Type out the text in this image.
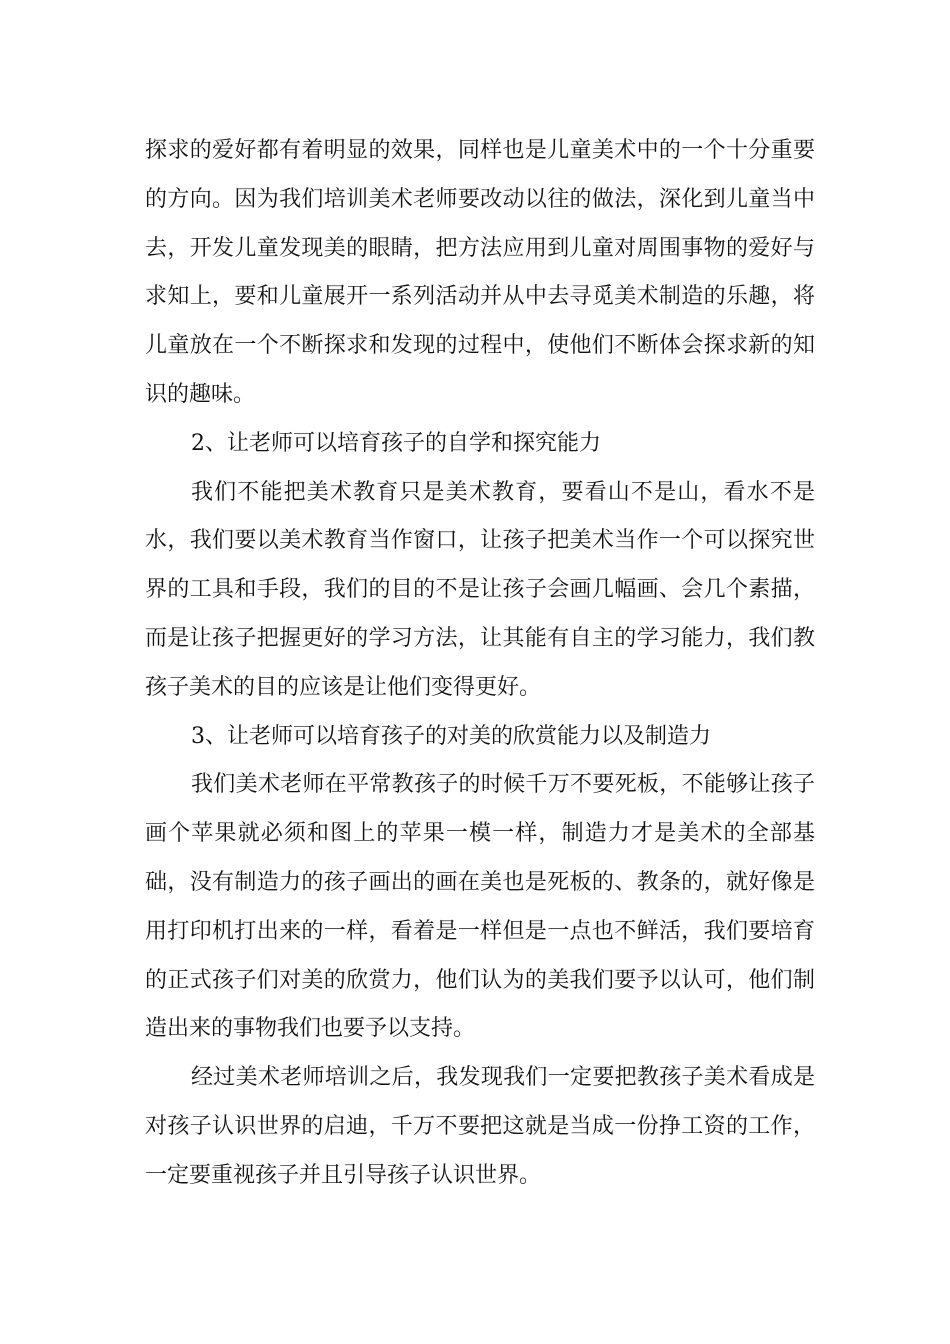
探求的爱好都有着明显的效果，同样也是儿童美术中的一个十分重要的方向。因为我们培训美术老师要改动以往的做法，深化到儿童当中去，开发儿童发现美的眼睛，把方法应用到儿童对周围事物的爱好与求知上，要和儿童展开一系列活动并从中去寻觅美术制造的乐趣，将儿童放在一个不断探求和发现的过程中，使他们不断体会探求新的知识的趣味。

2、让老师可以培育孩子的自学和探究能力

我们不能把美术教育只是美术教育，要看山不是山，看水不是水，我们要以美术教育当作窗口，让孩子把美术当作一个可以探究世界的工具和手段，我们的目的不是让孩子会画几幅画、会几个素描，而是让孩子把握更好的学习方法，让其能有自主的学习能力，我们教孩子美术的目的应该是让他们变得更好。

3、让老师可以培育孩子的对美的欣赏能力以及制造力

我们美术老师在平常教孩子的时候千万不要死板，不能够让孩子画个苹果就必须和图上的苹果一模一样，制造力才是美术的全部基础，没有制造力的孩子画出的画在美也是死板的、教条的，就好像是用打印机打出来的一样，看着是一样但是一点也不鲜活，我们要培育的正式孩子们对美的欣赏力，他们认为的美我们要予以认可，他们制造出来的事物我们也要予以支持。

经过美术老师培训之后，我发现我们一定要把教孩子美术看成是对孩子认识世界的启迪，千万不要把这就是当成一份挣工资的工作，一定要重视孩子并且引导孩子认识世界。
